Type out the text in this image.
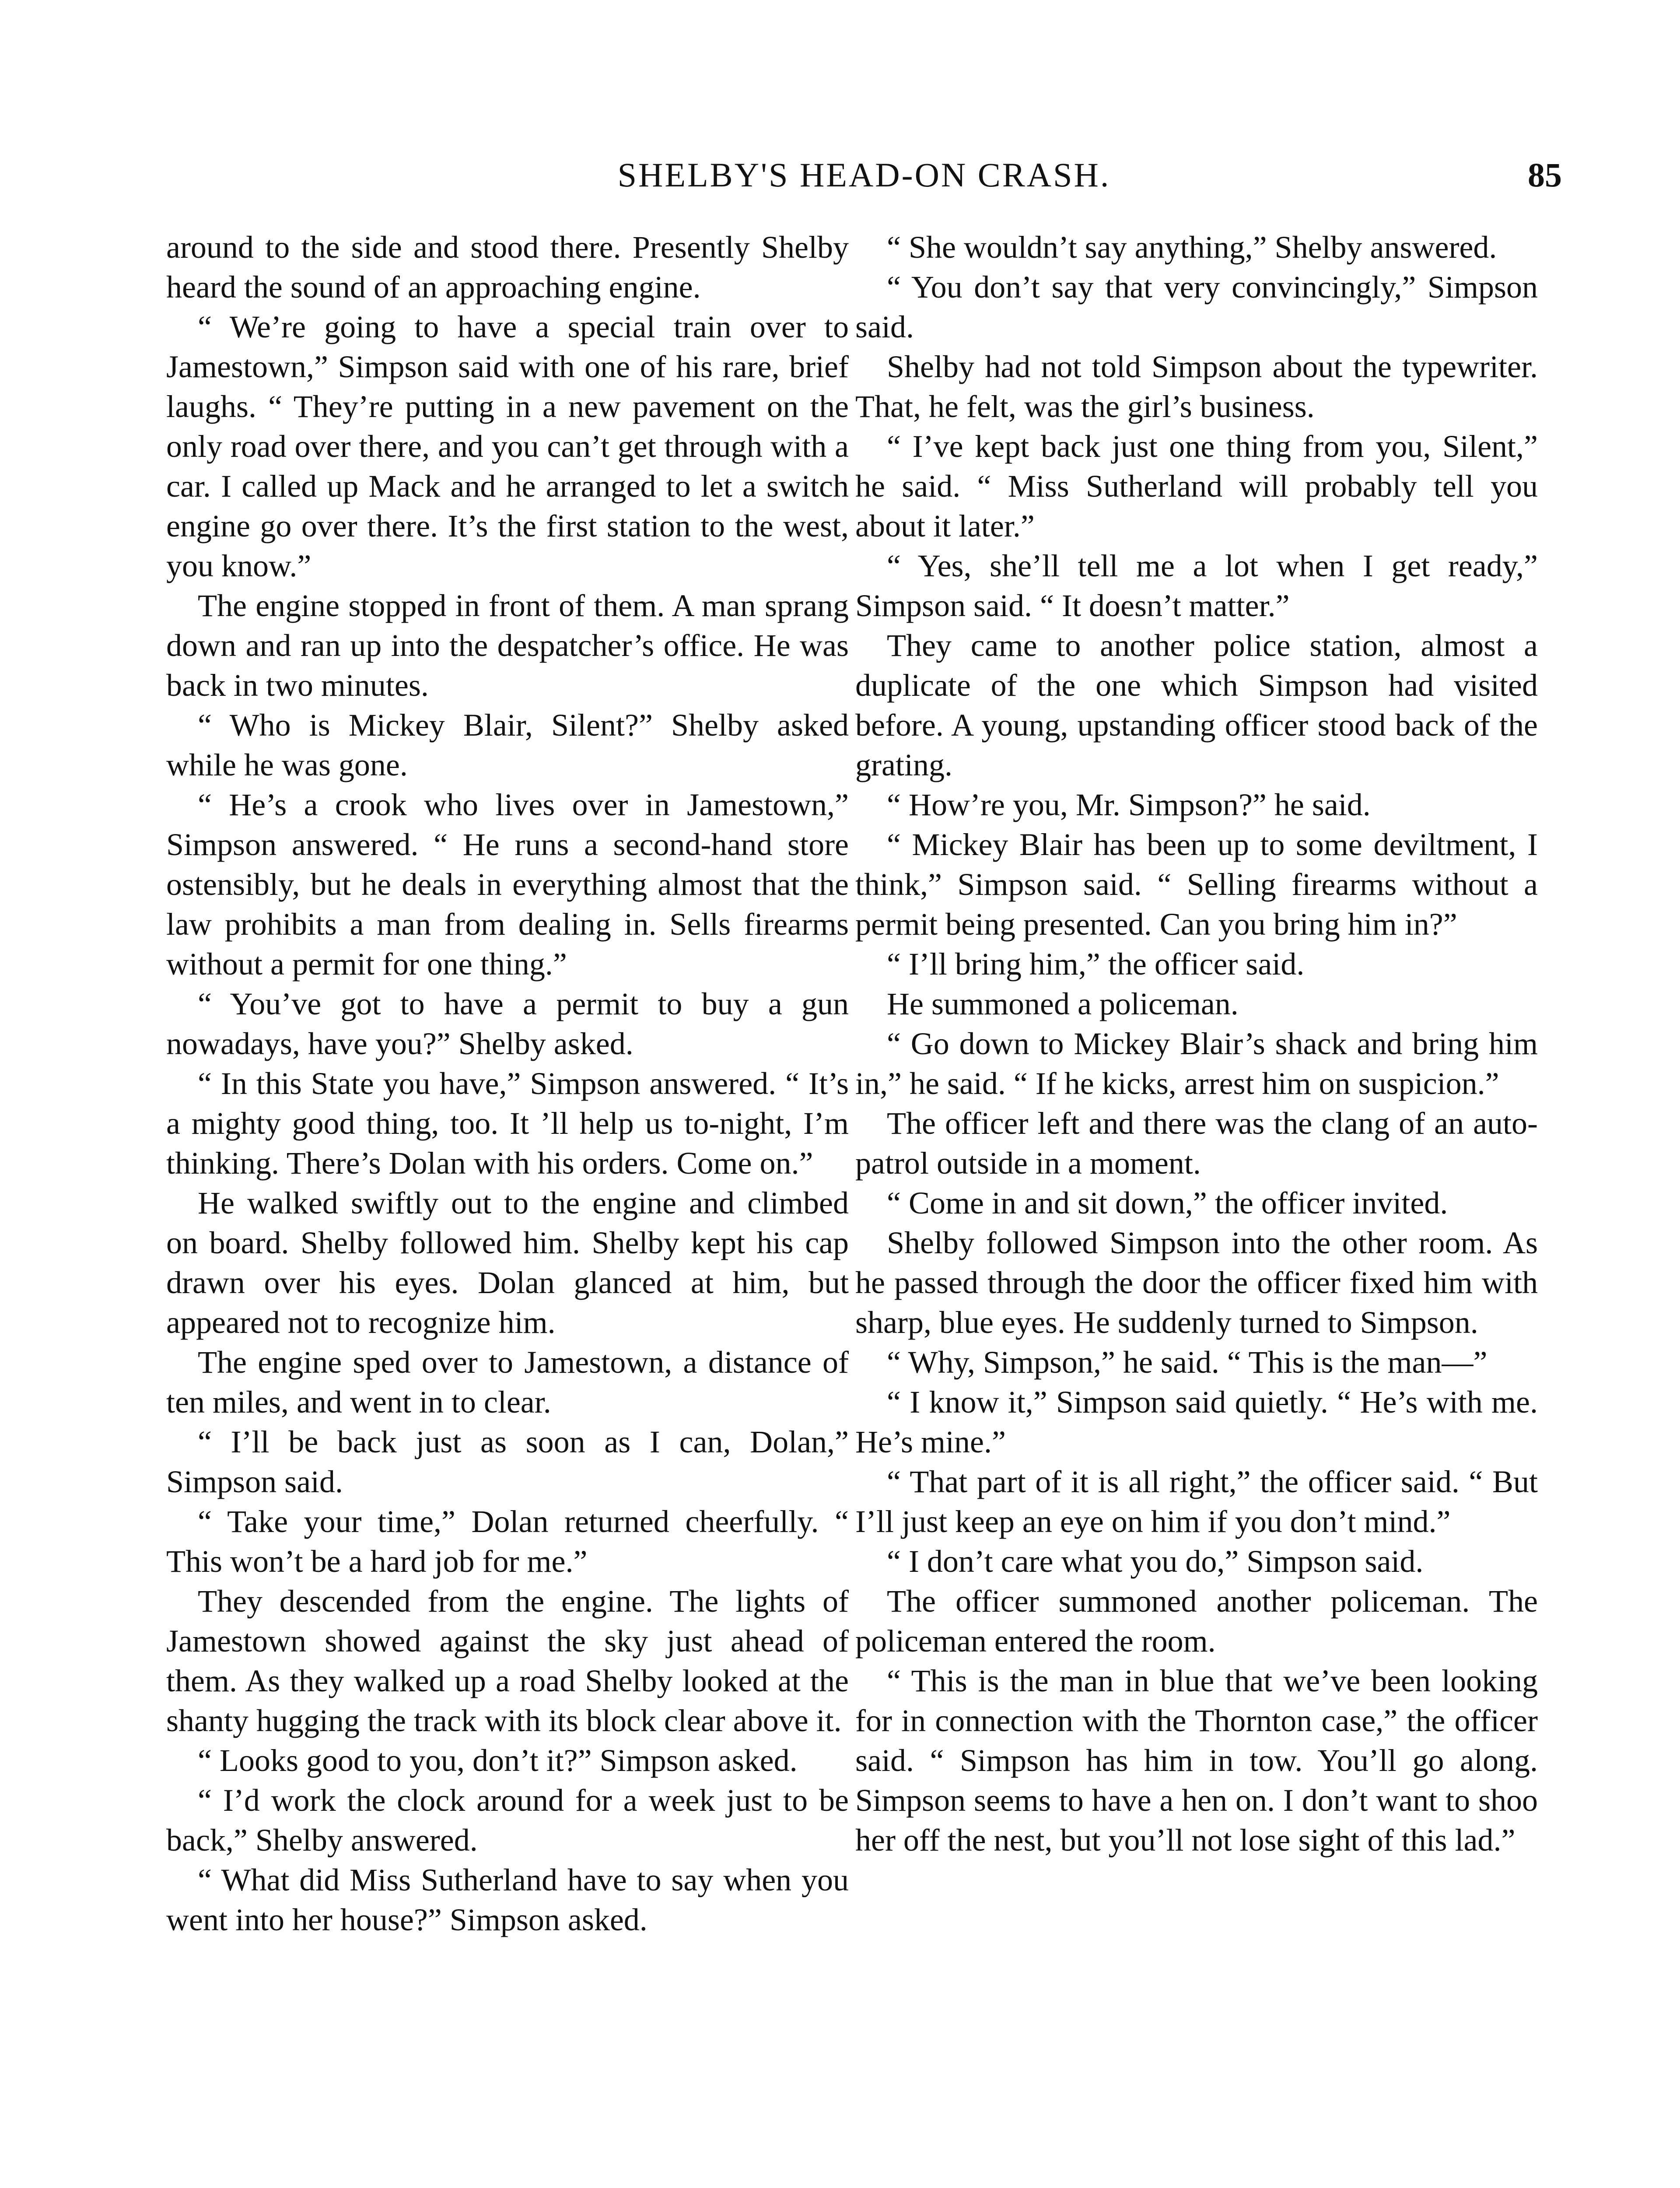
SHELBY'S HEAD-ON CRASH.	85

around to the side and stood there. Presently Shelby heard the sound of an approaching engine.

“ We’re going to have a special train over to Jamestown,” Simpson said with one of his rare, brief laughs. “ They’re putting in a new pavement on the only road over there, and you can’t get through with a car. I called up Mack and he arranged to let a switch engine go over there. It’s the first station to the west, you know.”

The engine stopped in front of them. A man sprang down and ran up into the despatcher’s office. He was back in two minutes.

“ Who is Mickey Blair, Silent?” Shelby asked while he was gone.

“ He’s a crook who lives over in Jamestown,” Simpson answered. “ He runs a second-hand store ostensibly, but he deals in everything almost that the law prohibits a man from dealing in. Sells firearms without a permit for one thing.”

“ You’ve got to have a permit to buy a gun nowadays, have you?” Shelby asked.

“ In this State you have,” Simpson answered. “ It’s a mighty good thing, too. It ’ll help us to-night, I’m thinking. There’s Dolan with his orders. Come on.”

He walked swiftly out to the engine and climbed on board. Shelby followed him. Shelby kept his cap drawn over his eyes. Dolan glanced at him, but appeared not to recognize him.

The engine sped over to Jamestown, a distance of ten miles, and went in to clear.

“ I’ll be back just as soon as I can, Dolan,” Simpson said.

“ Take your time,” Dolan returned cheerfully. “ This won’t be a hard job for me.”

They descended from the engine. The lights of Jamestown showed against the sky just ahead of them. As they walked up a road Shelby looked at the shanty hugging the track with its block clear above it.

“ Looks good to you, don’t it?” Simpson asked.

“ I’d work the clock around for a week just to be back,” Shelby answered.

“ What did Miss Sutherland have to say when you went into her house?” Simpson asked.

“ She wouldn’t say anything,” Shelby answered.

“ You don’t say that very convincingly,” Simpson said.

Shelby had not told Simpson about the typewriter. That, he felt, was the girl’s business.

“ I’ve kept back just one thing from you, Silent,” he said. “ Miss Sutherland will probably tell you about it later.”

“ Yes, she’ll tell me a lot when I get ready,” Simpson said. “ It doesn’t matter.”

They came to another police station, almost a duplicate of the one which Simpson had visited before. A young, upstanding officer stood back of the grating.

“ How’re you, Mr. Simpson?” he said.

“ Mickey Blair has been up to some deviltment, I think,” Simpson said. “ Selling firearms without a permit being presented. Can you bring him in?”

“ I’ll bring him,” the officer said.

He summoned a policeman.

“ Go down to Mickey Blair’s shack and bring him in,” he said. “ If he kicks, arrest him on suspicion.”

The officer left and there was the clang of an auto-patrol outside in a moment.

“ Come in and sit down,” the officer invited.

Shelby followed Simpson into the other room. As he passed through the door the officer fixed him with sharp, blue eyes. He suddenly turned to Simpson.

“ Why, Simpson,” he said. “ This is the man—”

“ I know it,” Simpson said quietly. “ He’s with me. He’s mine.”

“ That part of it is all right,” the officer said. “ But I’ll just keep an eye on him if you don’t mind.”

“ I don’t care what you do,” Simpson said.

The officer summoned another policeman. The policeman entered the room.

“ This is the man in blue that we’ve been looking for in connection with the Thornton case,” the officer said. “ Simpson has him in tow. You’ll go along. Simpson seems to have a hen on. I don’t want to shoo her off the nest, but you’ll not lose sight of this lad.”
